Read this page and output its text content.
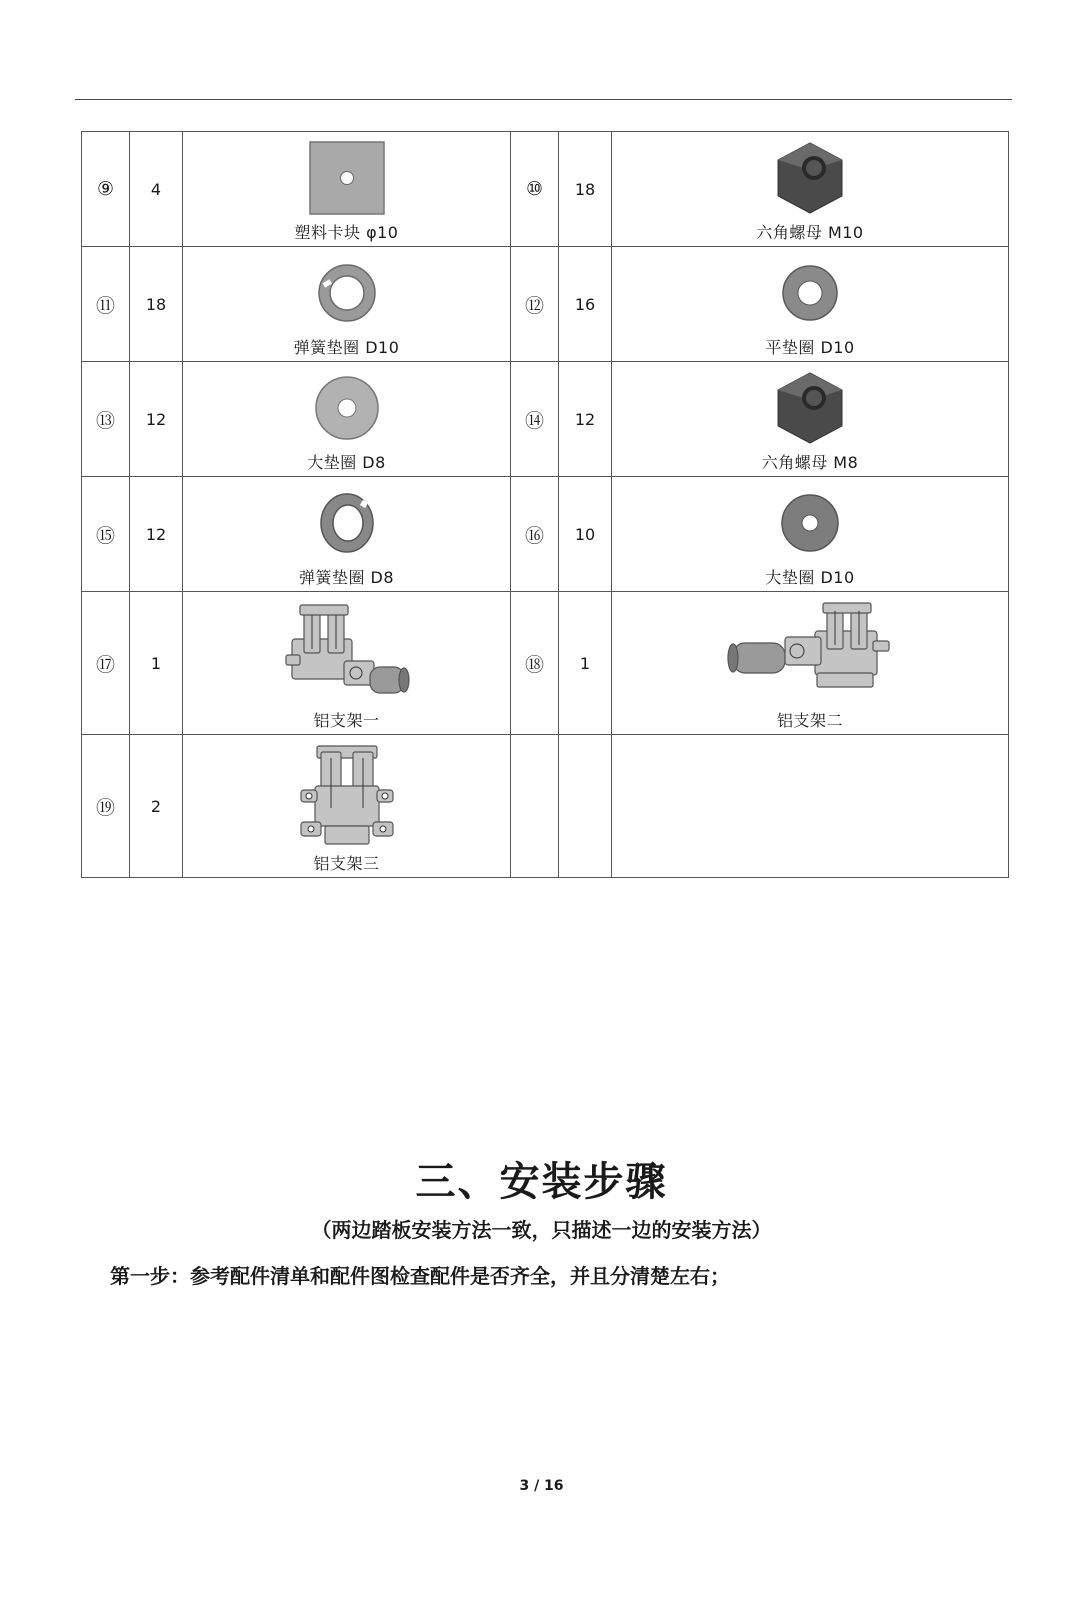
⑨	4	塑料卡块 φ10	⑩	18	六角螺母 M10

⑪	18	弹簧垫圈 D10	⑫	16	平垫圈 D10

⑬	12	大垫圈 D8	⑭	12	六角螺母 M8

⑮	12	弹簧垫圈 D8	⑯	10	大垫圈 D10

⑰	1	铝支架一	⑱	1	铝支架二

⑲	2	铝支架三			

三、安装步骤
（两边踏板安装方法一致，只描述一边的安装方法）
第一步：参考配件清单和配件图检查配件是否齐全，并且分清楚左右；
3 / 16
